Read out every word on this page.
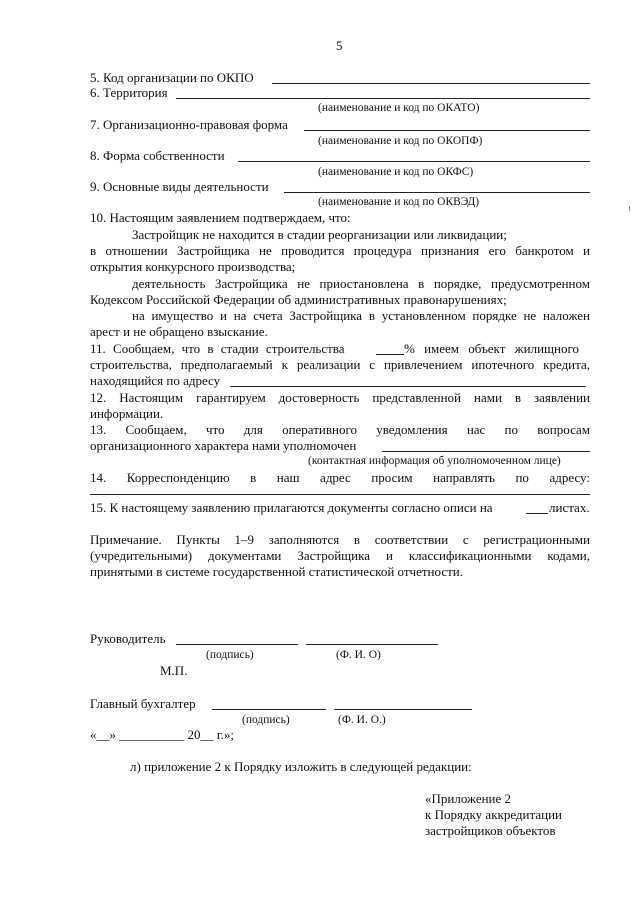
5
5. Код организации по ОКПО
6. Территория
(наименование и код по ОКАТО)
7. Организационно-правовая форма
(наименование и код по ОКОПФ)
8. Форма собственности
(наименование и код по ОКФС)
9. Основные виды деятельности
(наименование и код по ОКВЭД)
10. Настоящим заявлением подтверждаем, что:
Застройщик не находится в стадии реорганизации или ликвидации;
в отношении Застройщика не проводится процедура признания его банкротом и
открытия конкурсного производства;
деятельность Застройщика не приостановлена в порядке, предусмотренном
Кодексом Российской Федерации об административных правонарушениях;
на имущество и на счета Застройщика в установленном порядке не наложен
арест и не обращено взыскание.
11. Сообщаем, что в стадии строительства	% имеем объект жилищного
строительства, предполагаемый к реализации с привлечением ипотечного кредита,
находящийся по адресу
12. Настоящим гарантируем достоверность представленной нами в заявлении
информации.
13. Сообщаем, что для оперативного уведомления нас по вопросам
организационного характера нами уполномочен
(контактная информация об уполномоченном лице)
14. Корреспонденцию в наш адрес просим направлять по адресу:
15. К настоящему заявлению прилагаются документы согласно описи на	листах.
Примечание. Пункты 1–9 заполняются в соответствии с регистрационными
(учредительными) документами Застройщика и классификационными кодами,
принятыми в системе государственной статистической отчетности.
Руководитель
(подпись)	(Ф. И. О)
М.П.
Главный бухгалтер
(подпись)	(Ф. И. О.)
«__» __________ 20__ г.»;
л) приложение 2 к Порядку изложить в следующей редакции:
«Приложение 2
к Порядку аккредитации
застройщиков объектов
